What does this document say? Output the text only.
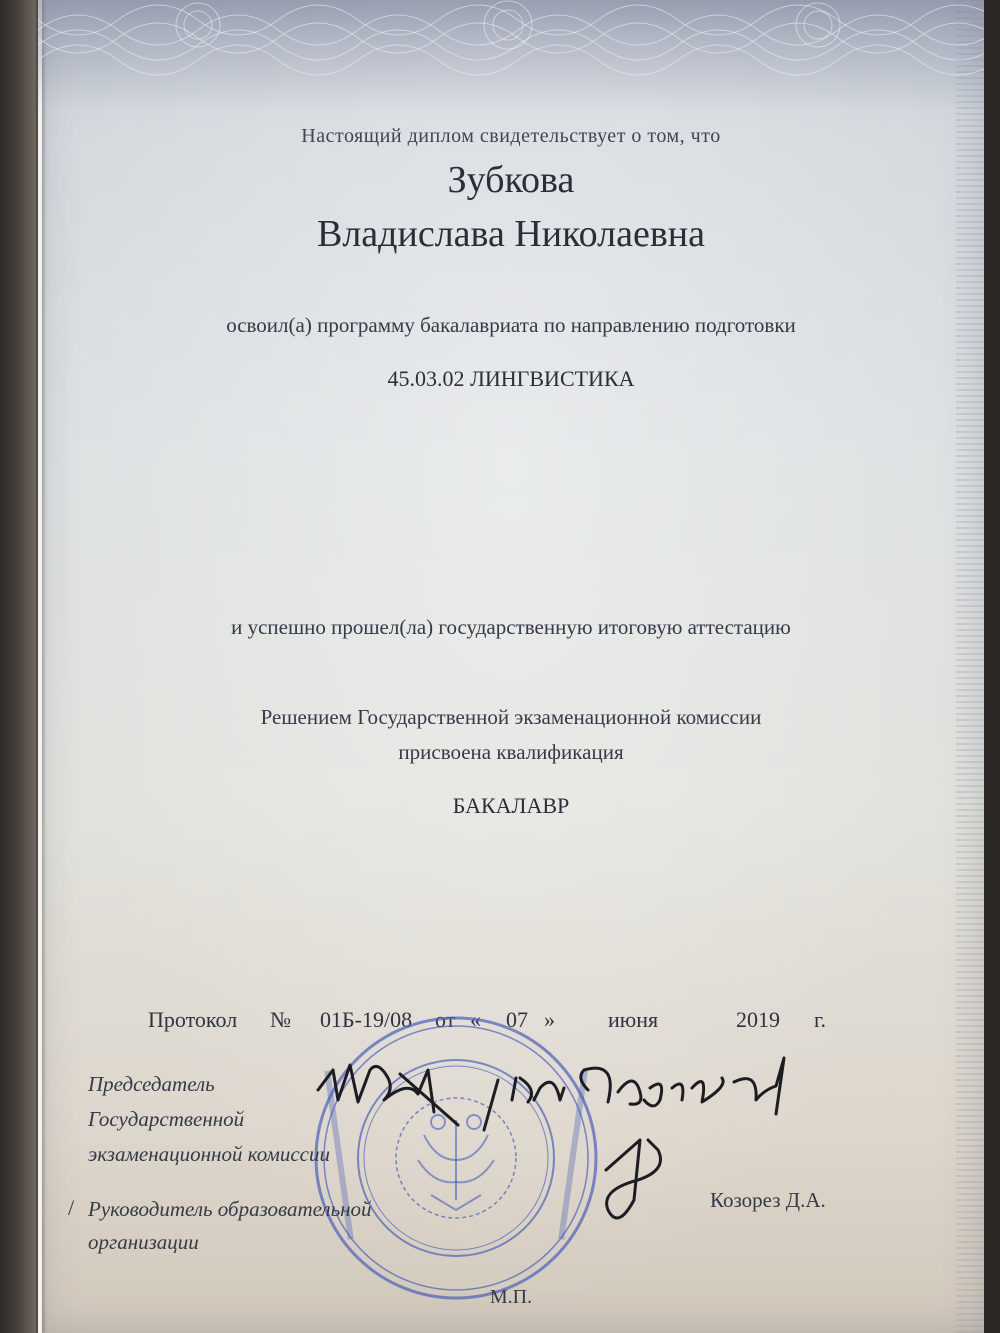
Настоящий диплом свидетельствует о том, что
Зубкова
Владислава Николаевна
освоил(а) программу бакалавриата по направлению подготовки
45.03.02 ЛИНГВИСТИКА
и успешно прошел(ла) государственную итоговую аттестацию
Решением Государственной экзаменационной комиссии
присвоена квалификация
БАКАЛАВР
Протокол № 01Б-19/08 от « 07 » июня	2019 г.
Председатель
Государственной
экзаменационной комиссии
/ Руководитель образовательной
организации
Козорез Д.А.
М.П.
